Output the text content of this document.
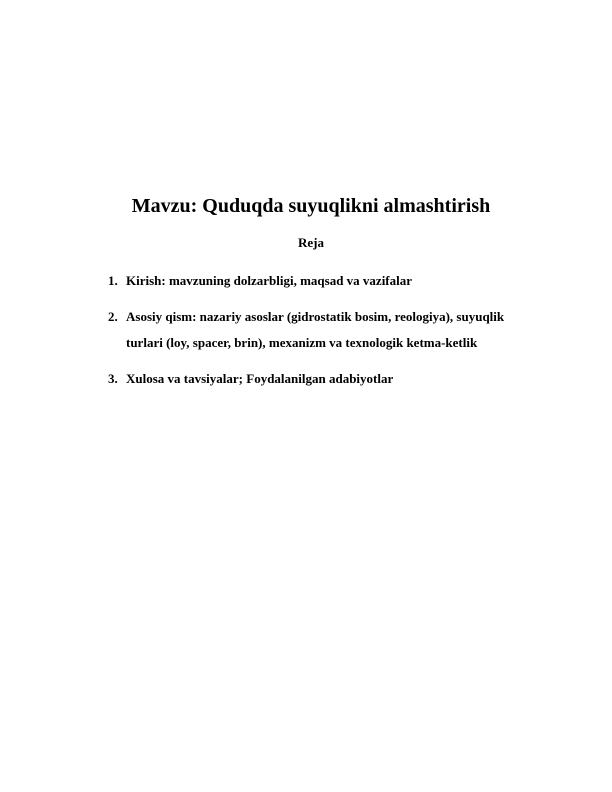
Mavzu: Quduqda suyuqlikni almashtirish
Reja
1. Kirish: mavzuning dolzarbligi, maqsad va vazifalar
2. Asosiy qism: nazariy asoslar (gidrostatik bosim, reologiya), suyuqlik turlari (loy, spacer, brin), mexanizm va texnologik ketma-ketlik
3. Xulosa va tavsiyalar; Foydalanilgan adabiyotlar
